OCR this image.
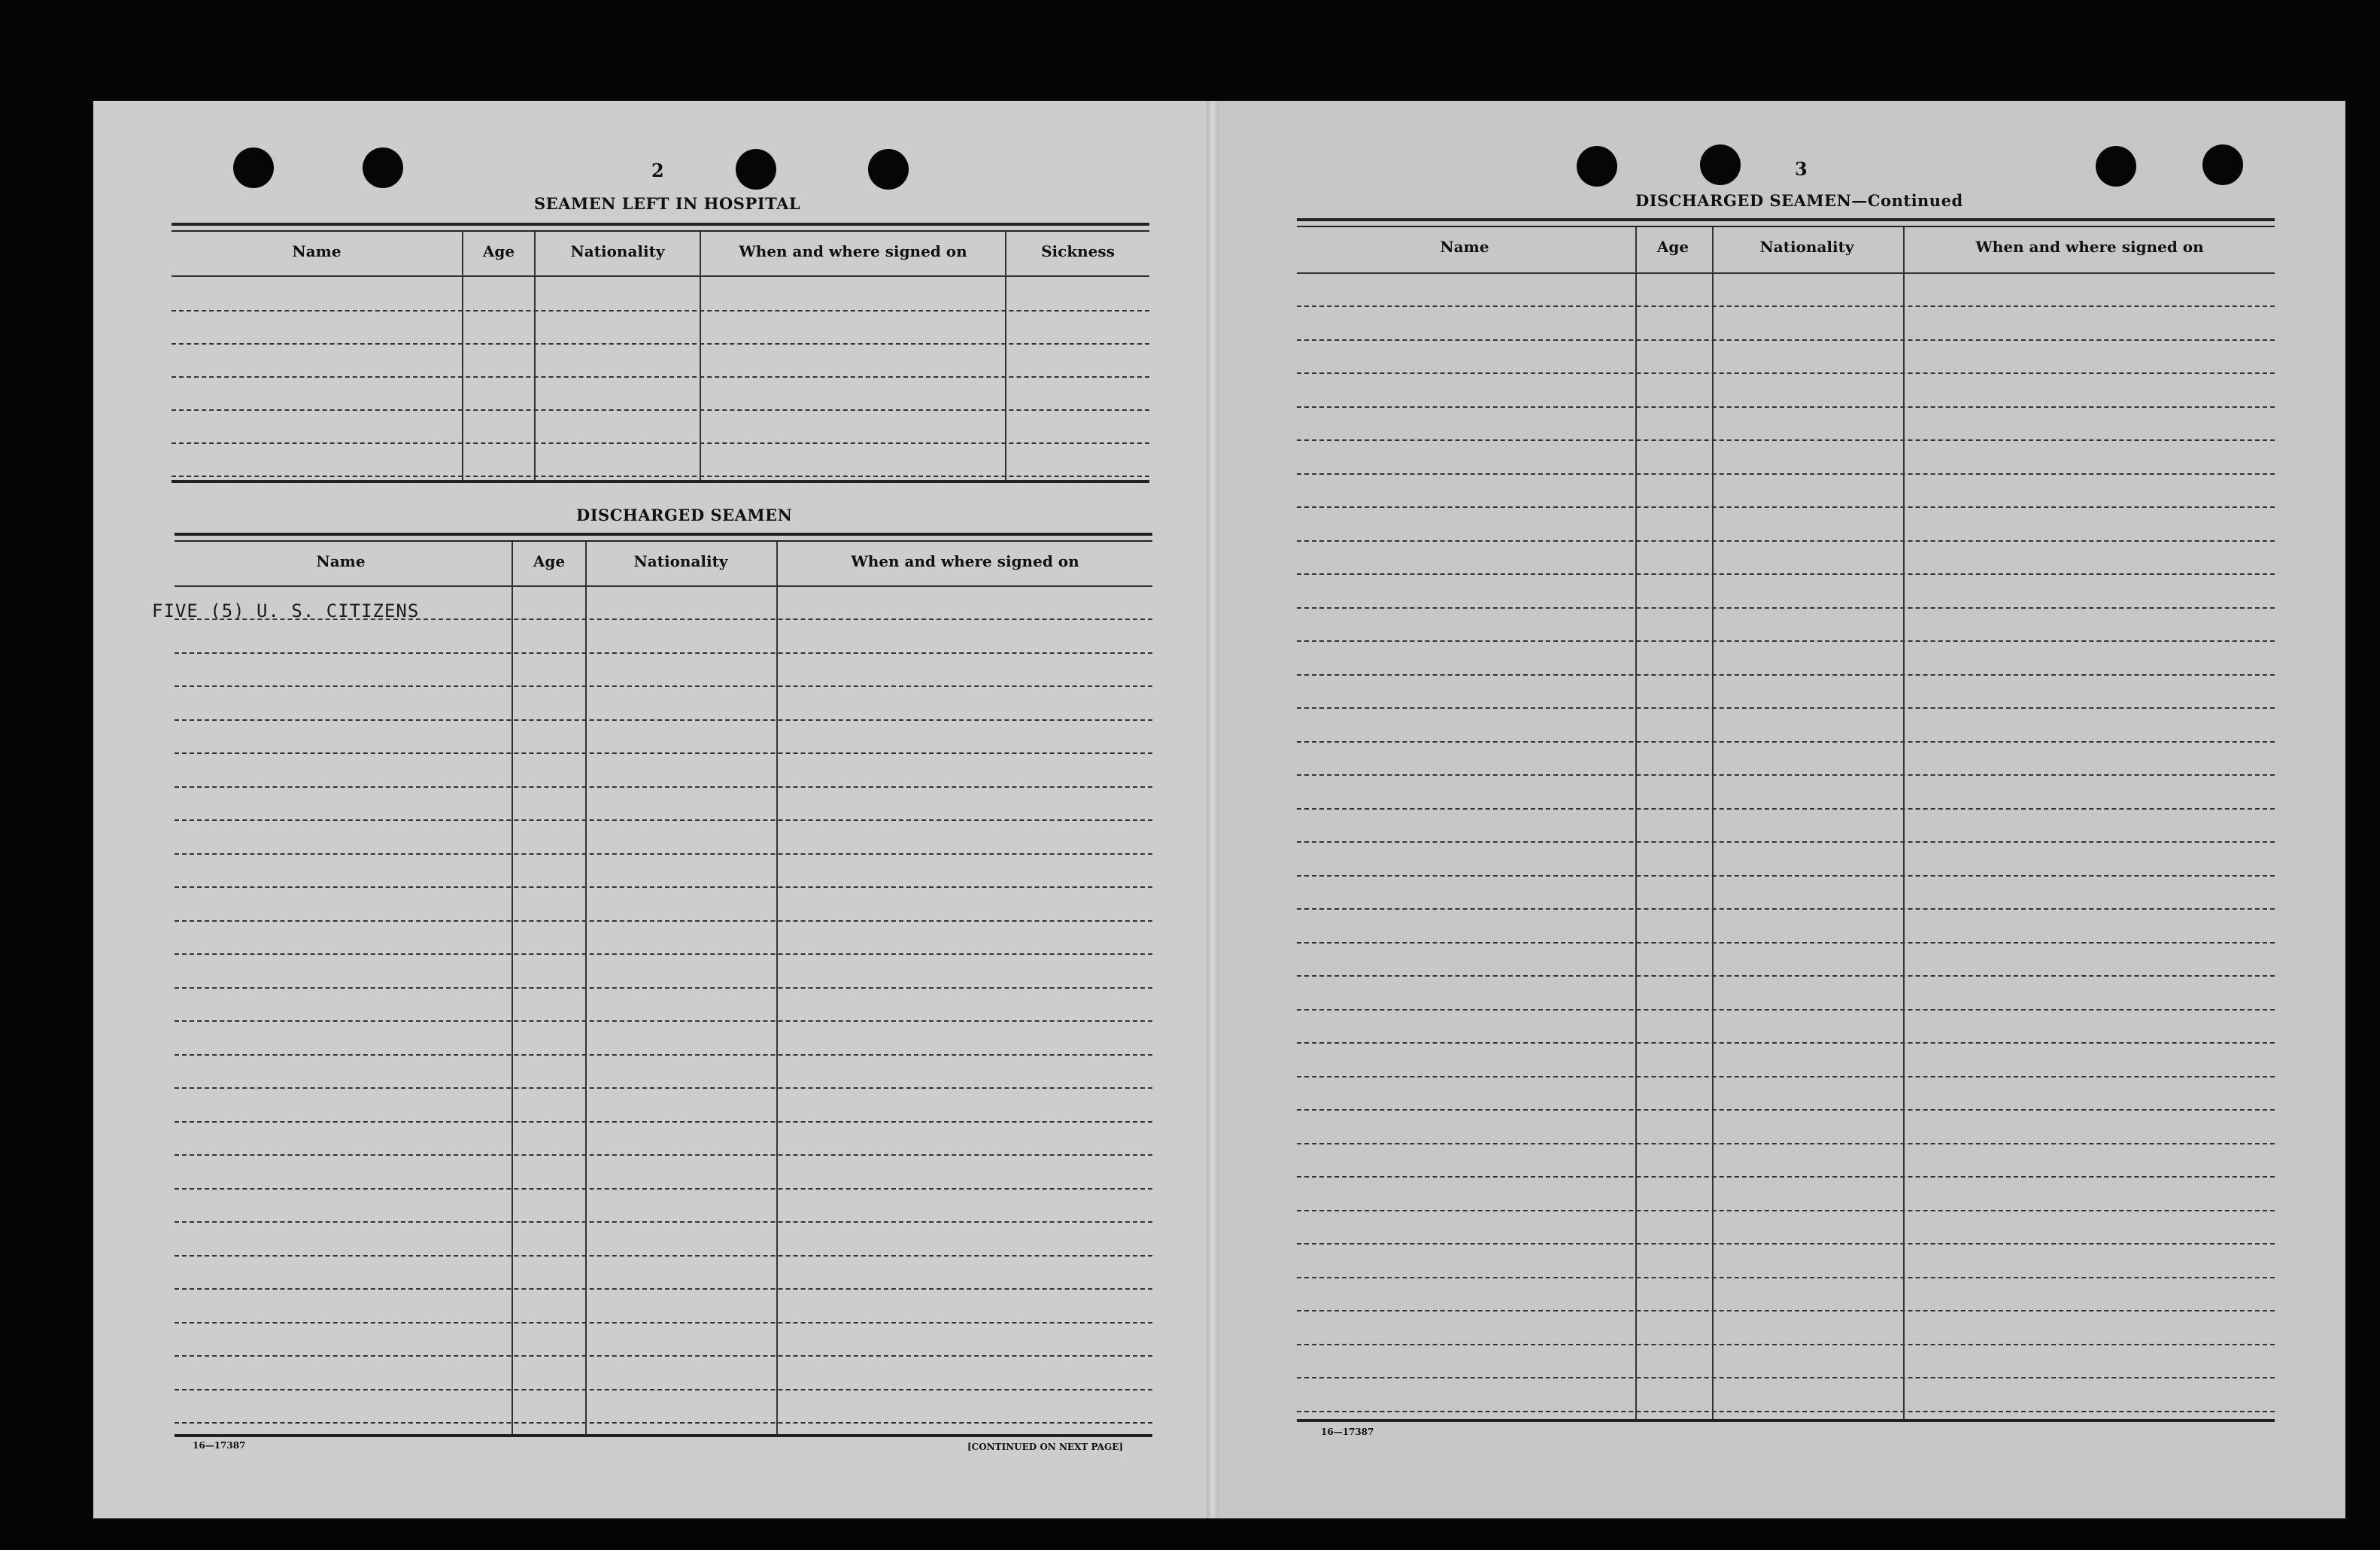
2
SEAMEN LEFT IN HOSPITAL
Name	Age	Nationality	When and where signed on	Sickness
DISCHARGED SEAMEN
Name	Age	Nationality	When and where signed on
FIVE (5) U. S. CITIZENS
16—17387	[CONTINUED ON NEXT PAGE]
3
DISCHARGED SEAMEN—Continued
Name	Age	Nationality	When and where signed on
16—17387
